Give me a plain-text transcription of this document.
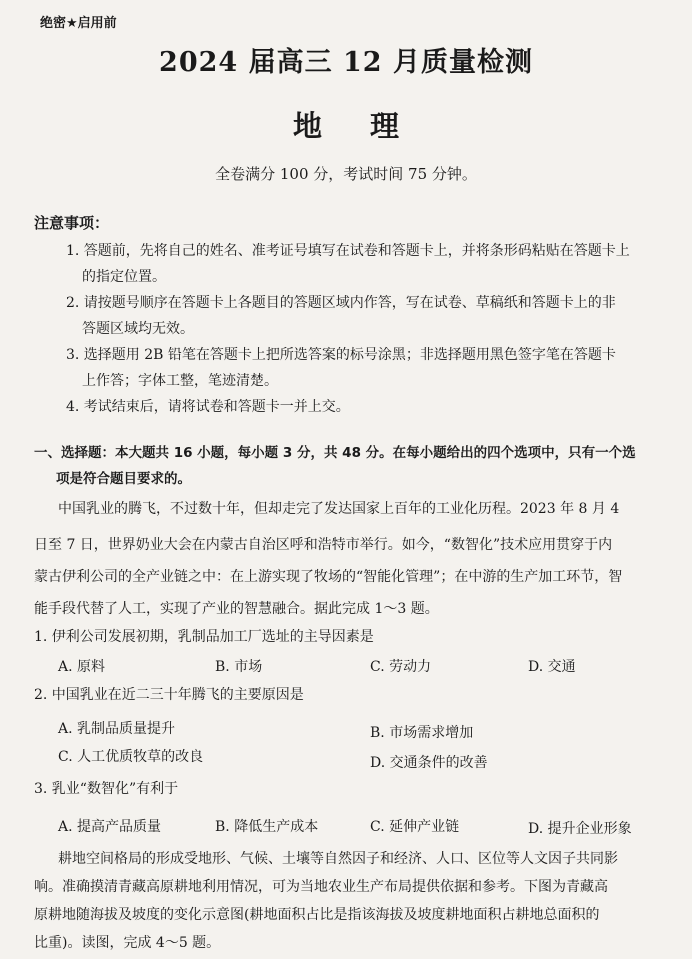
绝密★启用前
2024 届高三 12 月质量检测
地理
全卷满分 100 分，考试时间 75 分钟。
注意事项：
1. 答题前，先将自己的姓名、准考证号填写在试卷和答题卡上，并将条形码粘贴在答题卡上
的指定位置。
2. 请按题号顺序在答题卡上各题目的答题区域内作答，写在试卷、草稿纸和答题卡上的非
答题区域均无效。
3. 选择题用 2B 铅笔在答题卡上把所选答案的标号涂黑；非选择题用黑色签字笔在答题卡
上作答；字体工整，笔迹清楚。
4. 考试结束后，请将试卷和答题卡一并上交。
一、选择题：本大题共 16 小题，每小题 3 分，共 48 分。在每小题给出的四个选项中，只有一个选
项是符合题目要求的。
中国乳业的腾飞，不过数十年，但却走完了发达国家上百年的工业化历程。2023 年 8 月 4
日至 7 日，世界奶业大会在内蒙古自治区呼和浩特市举行。如今，“数智化”技术应用贯穿于内
蒙古伊利公司的全产业链之中：在上游实现了牧场的“智能化管理”；在中游的生产加工环节，智
能手段代替了人工，实现了产业的智慧融合。据此完成 1～3 题。
1. 伊利公司发展初期，乳制品加工厂选址的主导因素是
A. 原料	B. 市场	C. 劳动力	D. 交通
2. 中国乳业在近二三十年腾飞的主要原因是
A. 乳制品质量提升	B. 市场需求增加
C. 人工优质牧草的改良	D. 交通条件的改善
3. 乳业“数智化”有利于
A. 提高产品质量	B. 降低生产成本	C. 延伸产业链	D. 提升企业形象
耕地空间格局的形成受地形、气候、土壤等自然因子和经济、人口、区位等人文因子共同影
响。准确摸清青藏高原耕地利用情况，可为当地农业生产布局提供依据和参考。下图为青藏高
原耕地随海拔及坡度的变化示意图(耕地面积占比是指该海拔及坡度耕地面积占耕地总面积的
比重)。读图，完成 4～5 题。
